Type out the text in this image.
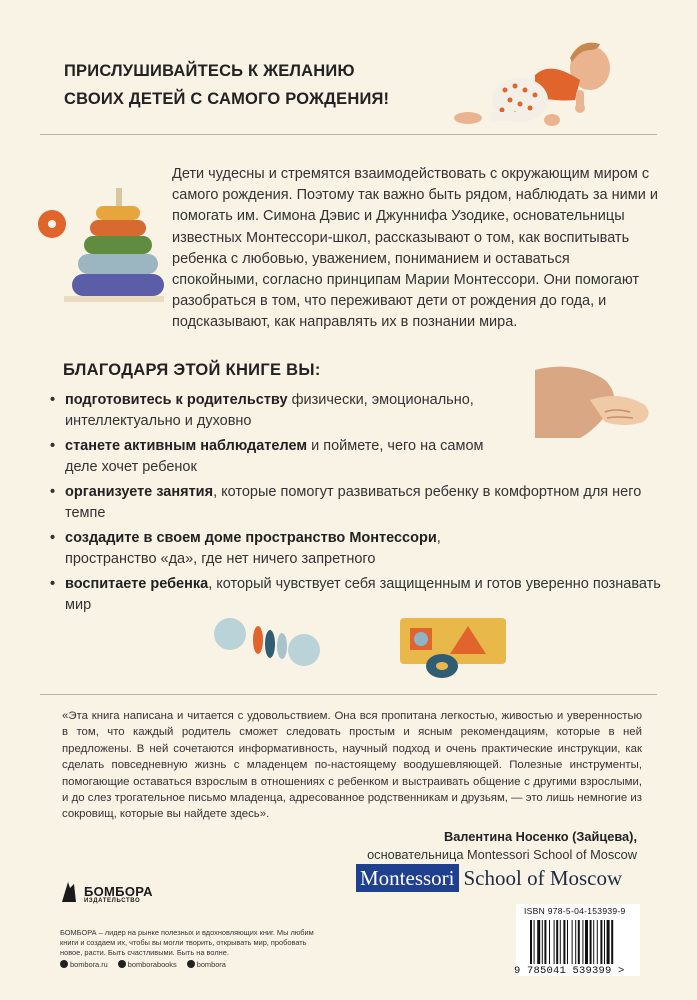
ПРИСЛУШИВАЙТЕСЬ К ЖЕЛАНИЮ
СВОИХ ДЕТЕЙ С САМОГО РОЖДЕНИЯ!
Дети чудесны и стремятся взаимодействовать с окружающим миром с самого рождения. Поэтому так важно быть рядом, наблюдать за ними и помогать им. Симона Дэвис и Джуннифа Узодике, основательницы известных Монтессори-школ, рассказывают о том, как воспитывать ребенка с любовью, уважением, пониманием и оставаться спокойными, согласно принципам Марии Монтессори. Они помогают разобраться в том, что переживают дети от рождения до года, и подсказывают, как направлять их в познании мира.
БЛАГОДАРЯ ЭТОЙ КНИГЕ ВЫ:
• подготовитесь к родительству физически, эмоционально, интеллектуально и духовно
• станете активным наблюдателем и поймете, чего на самом деле хочет ребенок
• организуете занятия, которые помогут развиваться ребенку в комфортном для него темпе
• создадите в своем доме пространство Монтессори, пространство «да», где нет ничего запретного
• воспитаете ребенка, который чувствует себя защищенным и готов уверенно познавать мир
«Эта книга написана и читается с удовольствием. Она вся пропитана легкостью, живостью и уверенностью в том, что каждый родитель сможет следовать простым и ясным рекомендациям, которые в ней предложены. В ней сочетаются информативность, научный подход и очень практические инструкции, как сделать повседневную жизнь с младенцем по-настоящему воодушевляющей. Полезные инструменты, помогающие оставаться взрослым в отношениях с ребенком и выстраивать общение с другими взрослыми, и до слез трогательное письмо младенца, адресованное родственникам и друзьям, — это лишь немногие из сокровищ, которые вы найдете здесь».
Валентина Носенко (Зайцева),
основательница Montessori School of Moscow
Montessori School of Moscow
БОМБОРА
ИЗДАТЕЛЬСТВО
БОМБОРА – лидер на рынке полезных и вдохновляющих книг. Мы любим книги и создаем их, чтобы вы могли творить, открывать мир, пробовать новое, расти. Быть счастливыми. Быть на волне.
bombora.ru	bomborabooks	bombora
ISBN 978-5-04-153939-9
9 785041 539399 >
